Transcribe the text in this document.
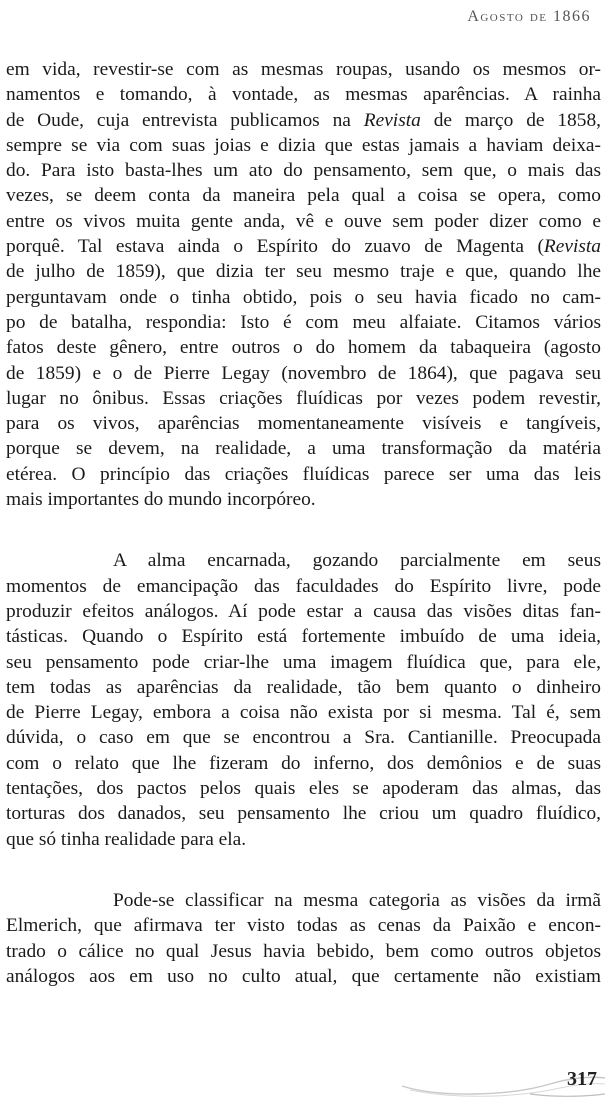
Agosto de 1866
em vida, revestir-se com as mesmas roupas, usando os mesmos or-
namentos e tomando, à vontade, as mesmas aparências. A rainha
de Oude, cuja entrevista publicamos na Revista de março de 1858,
sempre se via com suas joias e dizia que estas jamais a haviam deixa-
do. Para isto basta-lhes um ato do pensamento, sem que, o mais das
vezes, se deem conta da maneira pela qual a coisa se opera, como
entre os vivos muita gente anda, vê e ouve sem poder dizer como e
porquê. Tal estava ainda o Espírito do zuavo de Magenta (Revista
de julho de 1859), que dizia ter seu mesmo traje e que, quando lhe
perguntavam onde o tinha obtido, pois o seu havia ficado no cam-
po de batalha, respondia: Isto é com meu alfaiate. Citamos vários
fatos deste gênero, entre outros o do homem da tabaqueira (agosto
de 1859) e o de Pierre Legay (novembro de 1864), que pagava seu
lugar no ônibus. Essas criações fluídicas por vezes podem revestir,
para os vivos, aparências momentaneamente visíveis e tangíveis,
porque se devem, na realidade, a uma transformação da matéria
etérea. O princípio das criações fluídicas parece ser uma das leis
mais importantes do mundo incorpóreo.
A alma encarnada, gozando parcialmente em seus
momentos de emancipação das faculdades do Espírito livre, pode
produzir efeitos análogos. Aí pode estar a causa das visões ditas fan-
tásticas. Quando o Espírito está fortemente imbuído de uma ideia,
seu pensamento pode criar-lhe uma imagem fluídica que, para ele,
tem todas as aparências da realidade, tão bem quanto o dinheiro
de Pierre Legay, embora a coisa não exista por si mesma. Tal é, sem
dúvida, o caso em que se encontrou a Sra. Cantianille. Preocupada
com o relato que lhe fizeram do inferno, dos demônios e de suas
tentações, dos pactos pelos quais eles se apoderam das almas, das
torturas dos danados, seu pensamento lhe criou um quadro fluídico,
que só tinha realidade para ela.
Pode-se classificar na mesma categoria as visões da irmã
Elmerich, que afirmava ter visto todas as cenas da Paixão e encon-
trado o cálice no qual Jesus havia bebido, bem como outros objetos
análogos aos em uso no culto atual, que certamente não existiam
317
